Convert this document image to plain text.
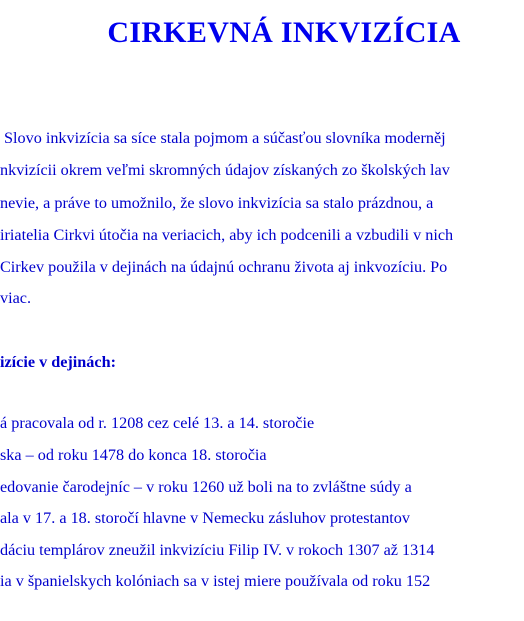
CIRKEVNÁ INKVIZÍCIA
Slovo inkvizícia sa síce stala pojmom a súčasťou slovníka moderněj
nkvizícii okrem veľmi skromných údajov získaných zo školských lav
nevie, a práve to umožnilo, že slovo inkvizícia sa stalo prázdnou, a
iriatelia Cirkvi útočia na veriacich, aby ich podcenili a vzbudili v nich
Cirkev použila v dejinách na údajnú ochranu života aj inkvozíciu. Po
viac.
izície v dejinách:
á pracovala od r. 1208 cez celé 13. a 14. storočie
ska – od roku 1478 do konca 18. storočia
edovanie čarodejníc – v roku 1260 už boli na to zvláštne súdy a
ala v 17. a 18. storočí hlavne v Nemecku zásluhov protestantov
dáciu templárov zneužil inkvizíciu Filip IV. v rokoch 1307 až 1314
ia v španielskych kolóniach sa v istej miere používala od roku 152
